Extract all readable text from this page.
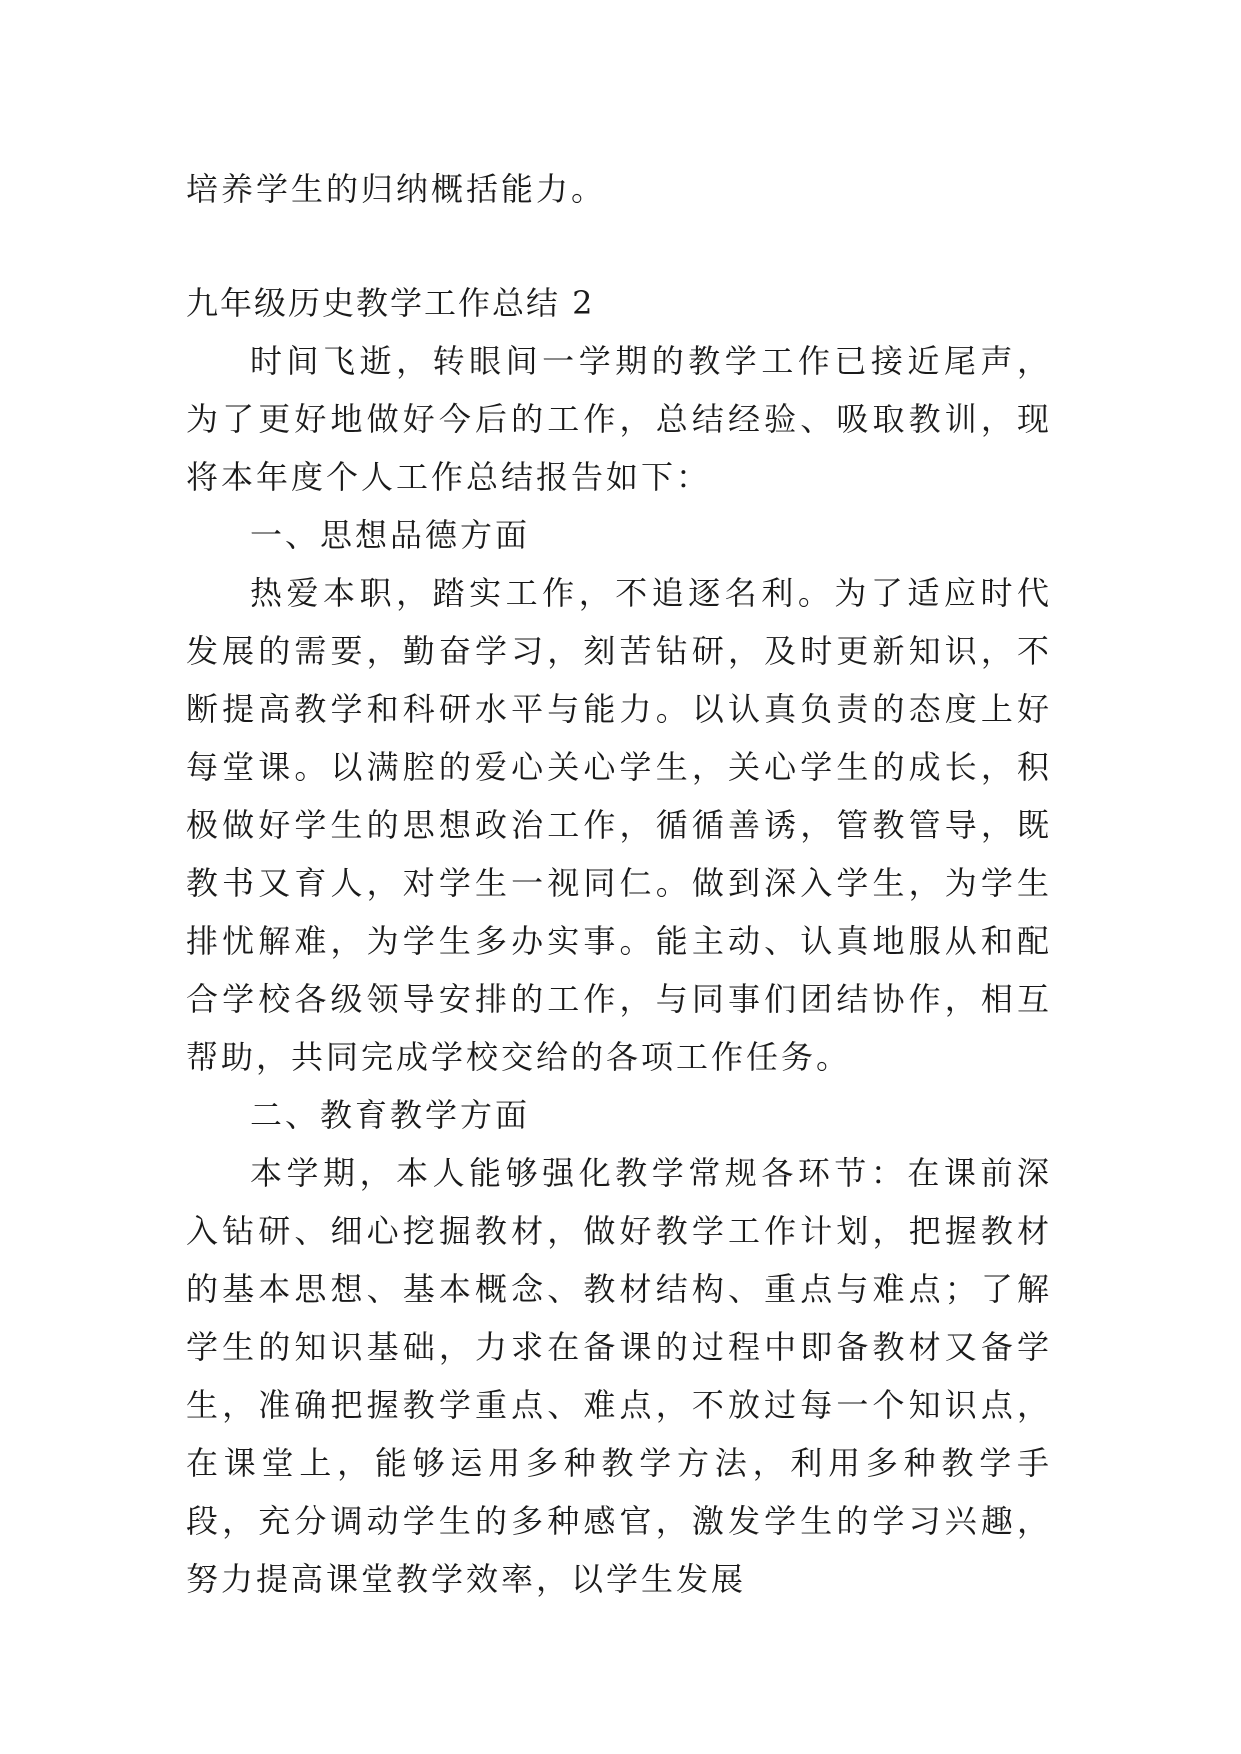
培养学生的归纳概括能力。
九年级历史教学工作总结 2

时间飞逝，转眼间一学期的教学工作已接近尾声，为了更好地做好今后的工作，总结经验、吸取教训，现将本年度个人工作总结报告如下：

一、思想品德方面

热爱本职，踏实工作，不追逐名利。为了适应时代发展的需要，勤奋学习，刻苦钻研，及时更新知识，不断提高教学和科研水平与能力。以认真负责的态度上好每堂课。以满腔的爱心关心学生，关心学生的成长，积极做好学生的思想政治工作，循循善诱，管教管导，既教书又育人，对学生一视同仁。做到深入学生，为学生排忧解难，为学生多办实事。能主动、认真地服从和配合学校各级领导安排的工作，与同事们团结协作，相互帮助，共同完成学校交给的各项工作任务。

二、教育教学方面

本学期，本人能够强化教学常规各环节：在课前深入钻研、细心挖掘教材，做好教学工作计划，把握教材的基本思想、基本概念、教材结构、重点与难点；了解学生的知识基础，力求在备课的过程中即备教材又备学生，准确把握教学重点、难点，不放过每一个知识点，在课堂上，能够运用多种教学方法，利用多种教学手段，充分调动学生的多种感官，激发学生的学习兴趣，努力提高课堂教学效率，以学生发展
